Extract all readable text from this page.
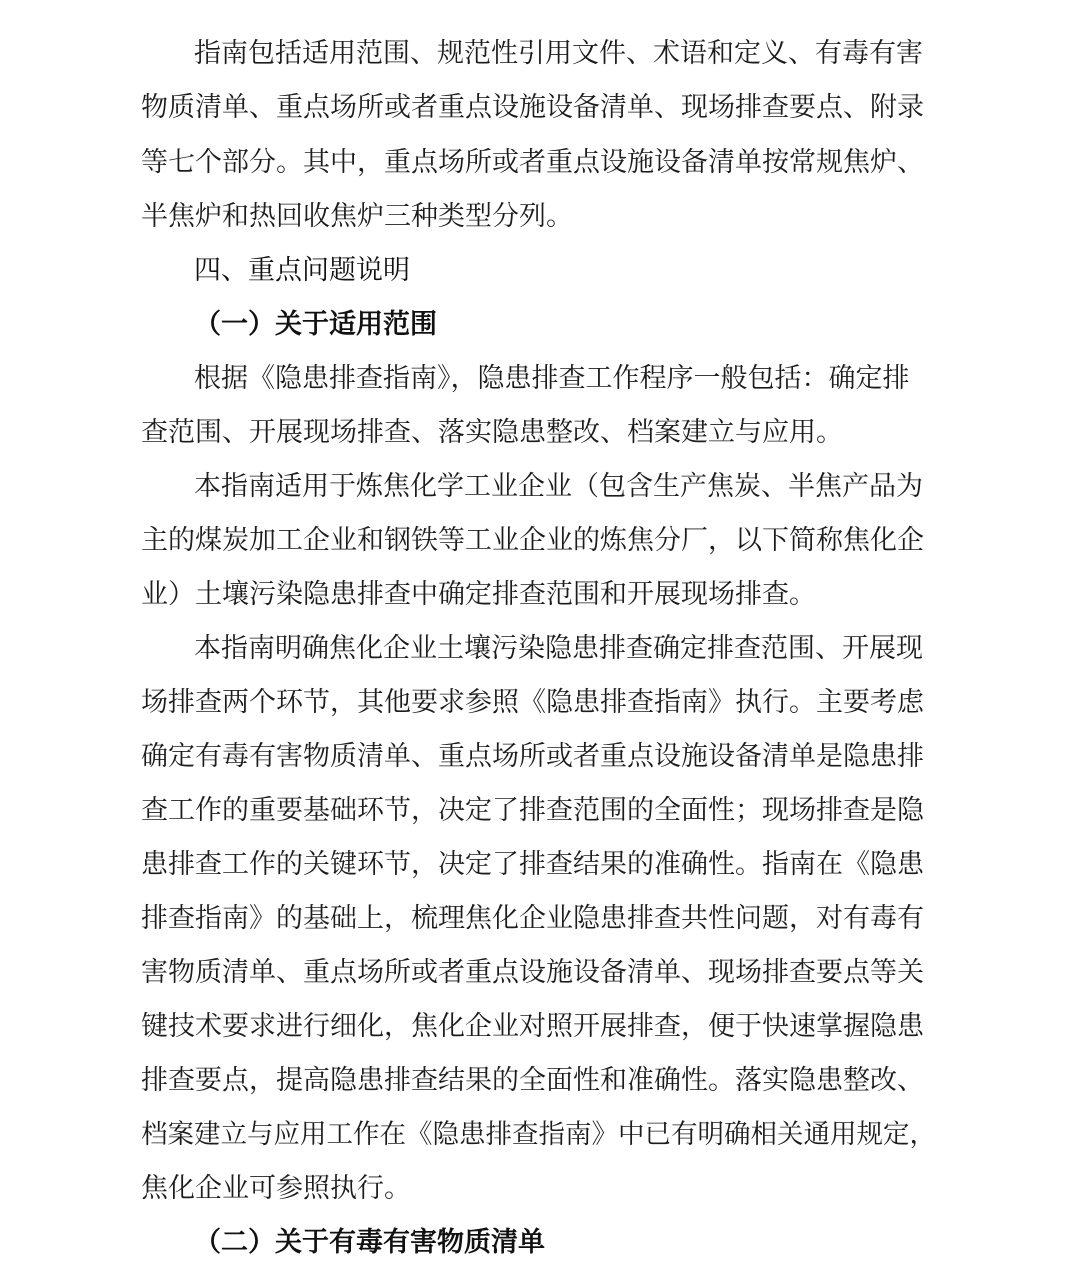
指南包括适用范围、规范性引用文件、术语和定义、有毒有害
物质清单、重点场所或者重点设施设备清单、现场排查要点、附录
等七个部分。其中，重点场所或者重点设施设备清单按常规焦炉、
半焦炉和热回收焦炉三种类型分列。
四、重点问题说明
（一）关于适用范围
根据《隐患排查指南》，隐患排查工作程序一般包括：确定排
查范围、开展现场排查、落实隐患整改、档案建立与应用。
本指南适用于炼焦化学工业企业（包含生产焦炭、半焦产品为
主的煤炭加工企业和钢铁等工业企业的炼焦分厂，以下简称焦化企
业）土壤污染隐患排查中确定排查范围和开展现场排查。
本指南明确焦化企业土壤污染隐患排查确定排查范围、开展现
场排查两个环节，其他要求参照《隐患排查指南》执行。主要考虑
确定有毒有害物质清单、重点场所或者重点设施设备清单是隐患排
查工作的重要基础环节，决定了排查范围的全面性；现场排查是隐
患排查工作的关键环节，决定了排查结果的准确性。指南在《隐患
排查指南》的基础上，梳理焦化企业隐患排查共性问题，对有毒有
害物质清单、重点场所或者重点设施设备清单、现场排查要点等关
键技术要求进行细化，焦化企业对照开展排查，便于快速掌握隐患
排查要点，提高隐患排查结果的全面性和准确性。落实隐患整改、
档案建立与应用工作在《隐患排查指南》中已有明确相关通用规定，
焦化企业可参照执行。
（二）关于有毒有害物质清单
